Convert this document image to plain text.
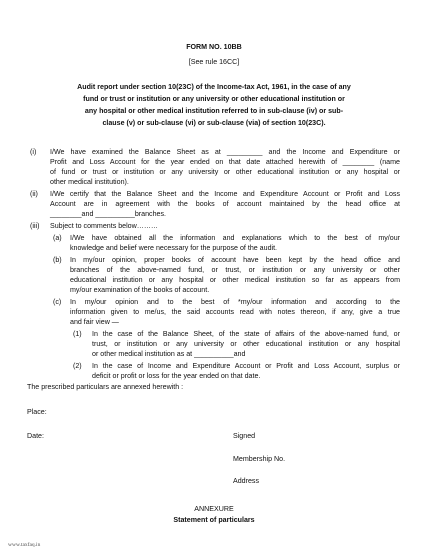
FORM NO. 10BB
[See rule 16CC]
Audit report under section 10(23C) of the Income-tax Act, 1961, in the case of any
fund or trust or institution or any university or other educational institution or
any hospital or other medical institution referred to in sub-clause (iv) or sub-
clause (v) or sub-clause (vi) or sub-clause (via) of section 10(23C).
(i) I/We have examined the Balance Sheet as at _________ and the Income and Expenditure or
Profit and Loss Account for the year ended on that date attached herewith of ________ (name
of fund or trust or institution or any university or other educational institution or any hospital or
other medical institution).
(ii) I/We certify that the Balance Sheet and the Income and Expenditure Account or Profit and Loss
Account are in agreement with the books of account maintained by the head office at
________and __________branches.
(iii) Subject to comments below………
(a) I/We have obtained all the information and explanations which to the best of my/our
knowledge and belief were necessary for the purpose of the audit.
(b) In my/our opinion, proper books of account have been kept by the head office and
branches of the above-named fund, or trust, or institution or any university or other
educational institution or any hospital or other medical institution so far as appears from
my/our examination of the books of account.
(c) In my/our opinion and to the best of *my/our information and according to the
information given to me/us, the said accounts read with notes thereon, if any, give a true
and fair view —
(1) In the case of the Balance Sheet, of the state of affairs of the above-named fund, or
trust, or institution or any university or other educational institution or any hospital
or other medical institution as at __________and
(2) In the case of Income and Expenditure Account or Profit and Loss Account, surplus or
deficit or profit or loss for the year ended on that date.
The prescribed particulars are annexed herewith :
Place:
Date:	Signed
Membership No.
Address
ANNEXURE
Statement of particulars
www.taxfaq.in
